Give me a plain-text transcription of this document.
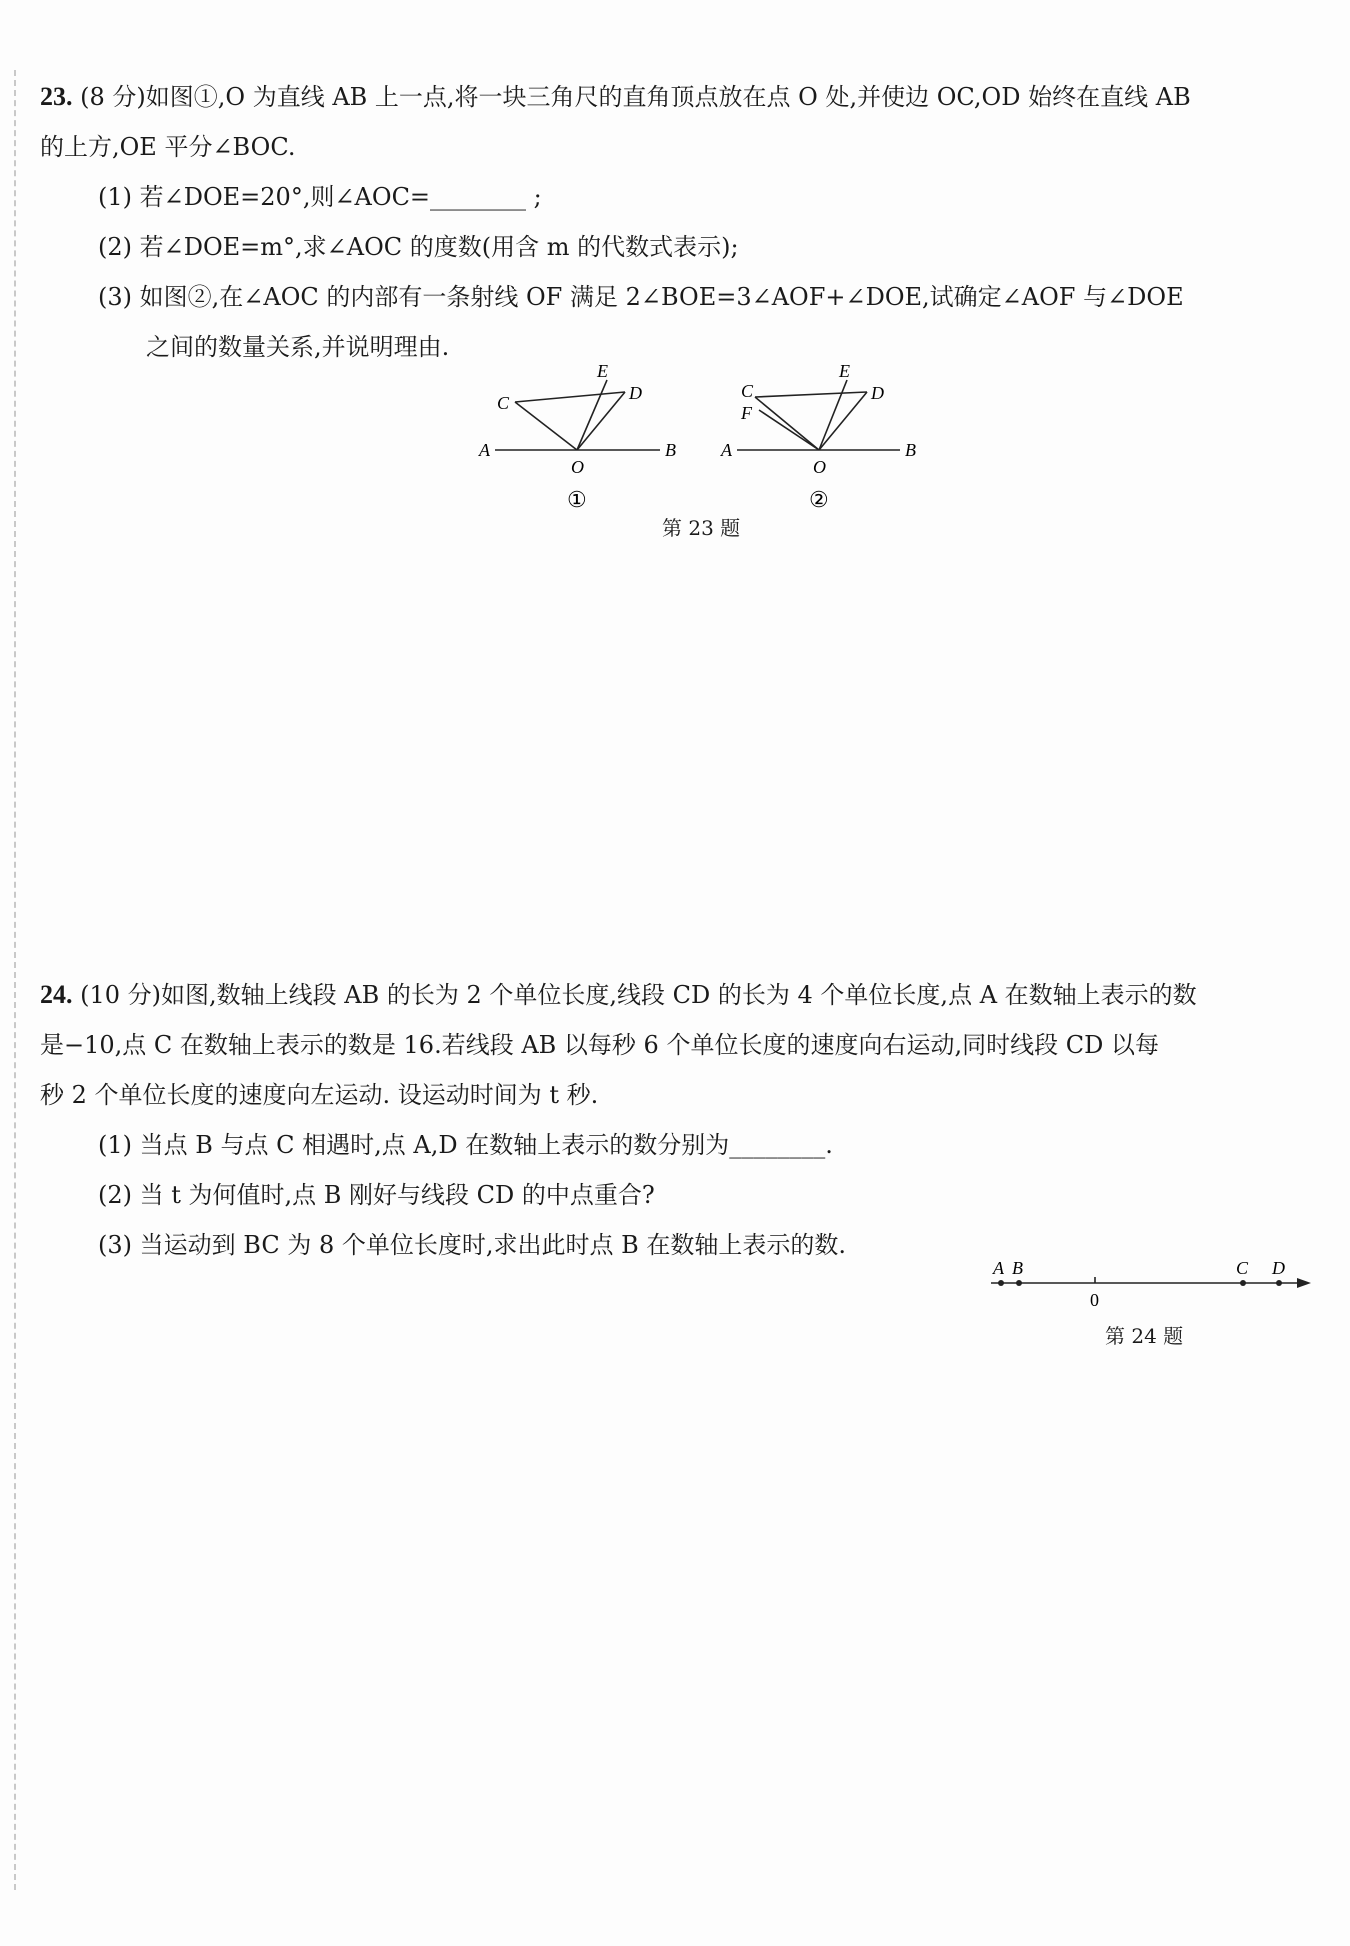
23. (8 分)如图①,O 为直线 AB 上一点,将一块三角尺的直角顶点放在点 O 处,并使边 OC,OD 始终在直线 AB
的上方,OE 平分∠BOC.
(1) 若∠DOE=20°,则∠AOC=________ ;
(2) 若∠DOE=m°,求∠AOC 的度数(用含 m 的代数式表示);
(3) 如图②,在∠AOC 的内部有一条射线 OF 满足 2∠BOE=3∠AOF+∠DOE,试确定∠AOF 与∠DOE
之间的数量关系,并说明理由.
A	B
C	D
E
O
①
A	B
C
F
D
E
O
②
第 23 题
24. (10 分)如图,数轴上线段 AB 的长为 2 个单位长度,线段 CD 的长为 4 个单位长度,点 A 在数轴上表示的数
是−10,点 C 在数轴上表示的数是 16.若线段 AB 以每秒 6 个单位长度的速度向右运动,同时线段 CD 以每
秒 2 个单位长度的速度向左运动. 设运动时间为 t 秒.
(1) 当点 B 与点 C 相遇时,点 A,D 在数轴上表示的数分别为________.
(2) 当 t 为何值时,点 B 刚好与线段 CD 的中点重合?
(3) 当运动到 BC 为 8 个单位长度时,求出此时点 B 在数轴上表示的数.
A B	C D
0
第 24 题
